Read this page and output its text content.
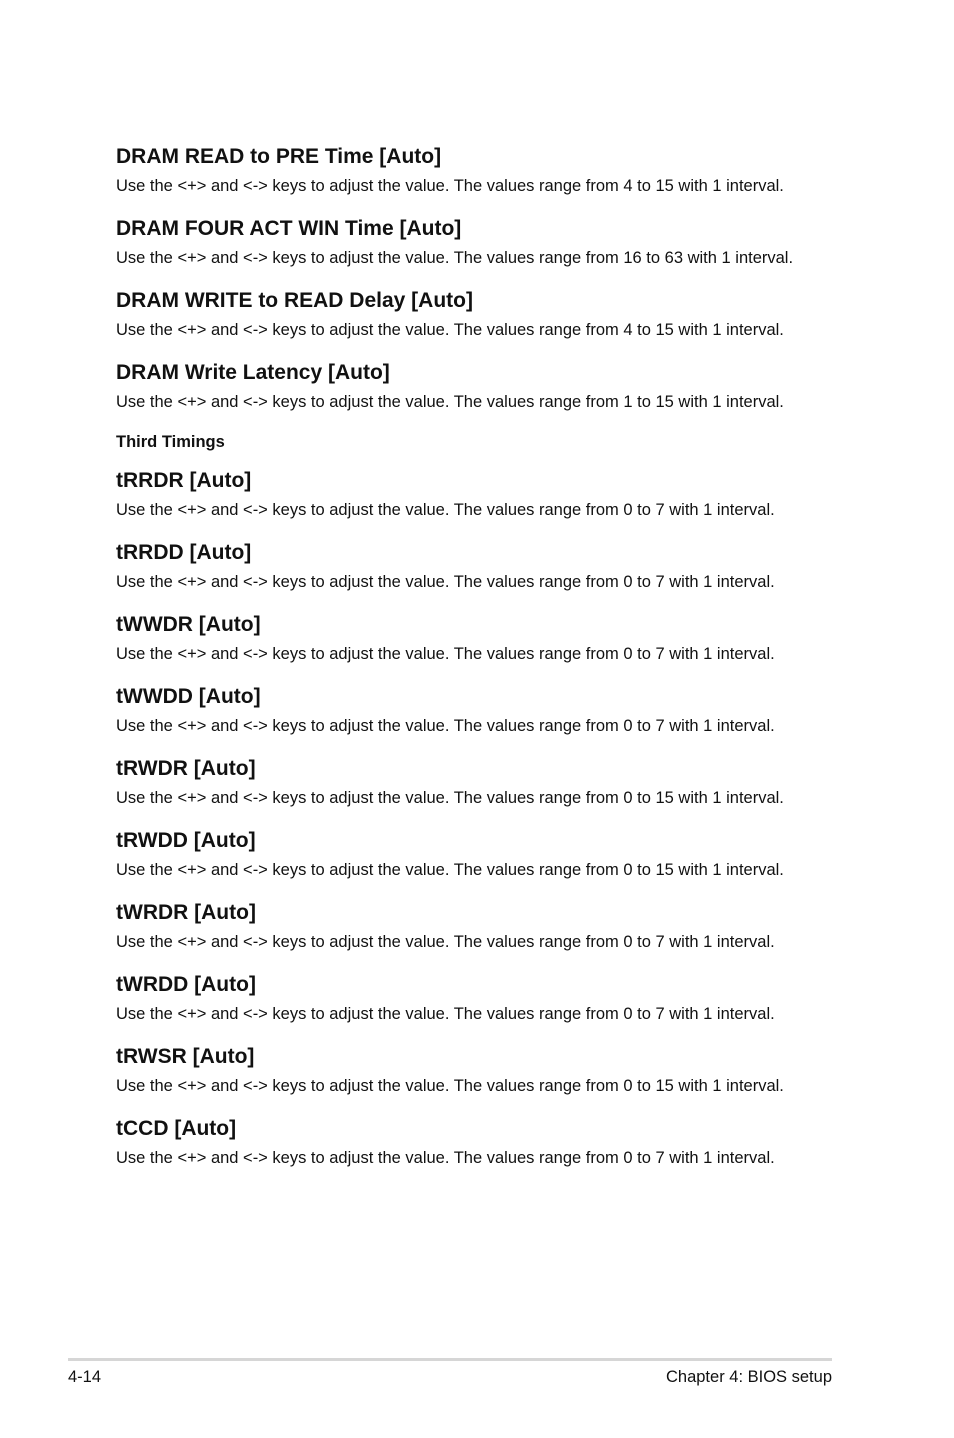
DRAM READ to PRE Time [Auto]
Use the <+> and <-> keys to adjust the value. The values range from 4 to 15 with 1 interval.
DRAM FOUR ACT WIN Time [Auto]
Use the <+> and <-> keys to adjust the value. The values range from 16 to 63 with 1 interval.
DRAM WRITE to READ Delay [Auto]
Use the <+> and <-> keys to adjust the value. The values range from 4 to 15 with 1 interval.
DRAM Write Latency [Auto]
Use the <+> and <-> keys to adjust the value. The values range from 1 to 15 with 1 interval.
Third Timings
tRRDR [Auto]
Use the <+> and <-> keys to adjust the value. The values range from 0 to 7 with 1 interval.
tRRDD [Auto]
Use the <+> and <-> keys to adjust the value. The values range from 0 to 7 with 1 interval.
tWWDR [Auto]
Use the <+> and <-> keys to adjust the value. The values range from 0 to 7 with 1 interval.
tWWDD [Auto]
Use the <+> and <-> keys to adjust the value. The values range from 0 to 7 with 1 interval.
tRWDR [Auto]
Use the <+> and <-> keys to adjust the value. The values range from 0 to 15 with 1 interval.
tRWDD [Auto]
Use the <+> and <-> keys to adjust the value. The values range from 0 to 15 with 1 interval.
tWRDR [Auto]
Use the <+> and <-> keys to adjust the value. The values range from 0 to 7 with 1 interval.
tWRDD [Auto]
Use the <+> and <-> keys to adjust the value. The values range from 0 to 7 with 1 interval.
tRWSR [Auto]
Use the <+> and <-> keys to adjust the value. The values range from 0 to 15 with 1 interval.
tCCD [Auto]
Use the <+> and <-> keys to adjust the value. The values range from 0 to 7 with 1 interval.
4-14	Chapter 4: BIOS setup
